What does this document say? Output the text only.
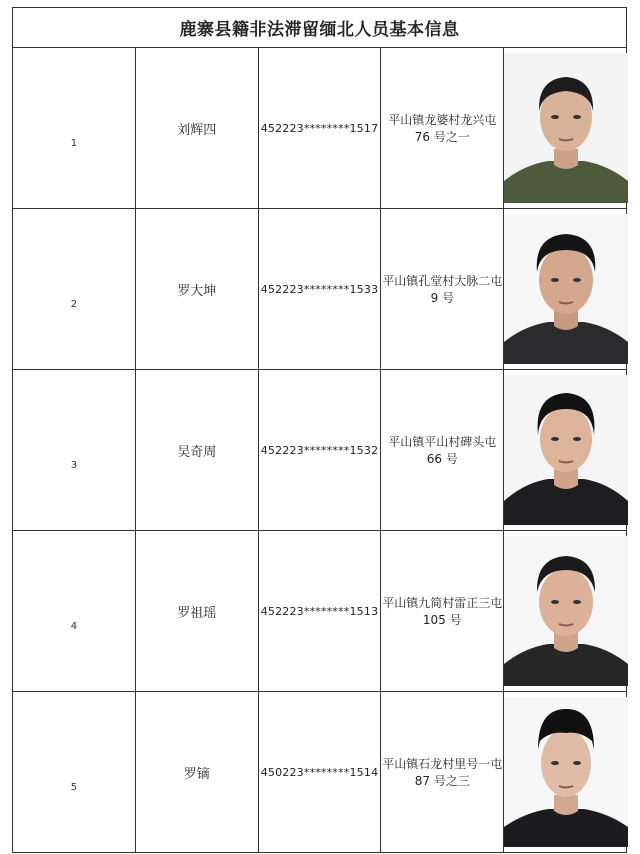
鹿寨县籍非法滞留缅北人员基本信息				
1	刘辉四	452223********1517	平山镇龙婆村龙兴屯 76 号之一	

2	罗大坤	452223********1533	平山镇孔堂村大脉二屯 9 号	

3	吴奇周	452223********1532	平山镇平山村碑头屯 66 号	

4	罗祖瑶	452223********1513	平山镇九简村雷正三屯 105 号	

5	罗镝	450223********1514	平山镇石龙村里号一屯 87 号之三	
